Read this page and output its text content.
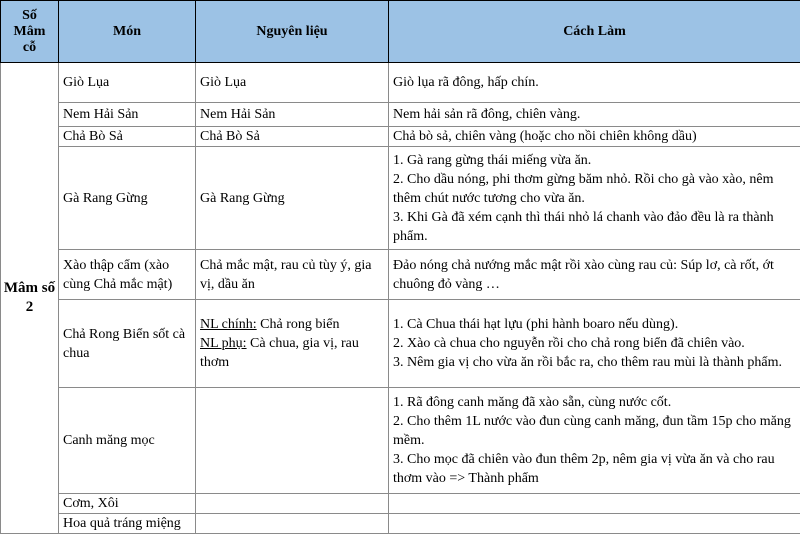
Số Mâm cỗ	Món	Nguyên liệu	Cách Làm
Mâm số 2	Giò Lụa	Giò Lụa	Giò lụa rã đông, hấp chín.
	Nem Hải Sản	Nem Hải Sản	Nem hải sản rã đông, chiên vàng.
	Chả Bò Sả	Chả Bò Sả	Chả bò sả, chiên vàng (hoặc cho nồi chiên không dầu)
	Gà Rang Gừng	Gà Rang Gừng	1. Gà rang gừng thái miếng vừa ăn.
2. Cho dầu nóng, phi thơm gừng băm nhỏ. Rồi cho gà vào xào, nêm thêm chút nước tương cho vừa ăn.
3. Khi Gà đã xém cạnh thì thái nhỏ lá chanh vào đảo đều là ra thành phẩm.

	Xào thập cẩm (xào cùng Chả mắc mật)	Chả mắc mật, rau củ tùy ý, gia vị, dầu ăn	Đảo nóng chả nướng mắc mật rồi xào cùng rau củ: Súp lơ, cà rốt, ớt chuông đỏ vàng …
	Chả Rong Biển sốt cà chua	NL chính: Chả rong biển
NL phụ: Cà chua, gia vị, rau thơm	1. Cà Chua thái hạt lựu (phi hành boaro nếu dùng).
2. Xào cà chua cho nguyễn rồi cho chả rong biển đã chiên vào.
3. Nêm gia vị cho vừa ăn rồi bắc ra, cho thêm rau mùi là thành phẩm.

	Canh măng mọc		1. Rã đông canh măng đã xào sẵn, cùng nước cốt.
2. Cho thêm 1L nước vào đun cùng canh măng, đun tầm 15p cho măng mềm.
3. Cho mọc đã chiên vào đun thêm 2p, nêm gia vị vừa ăn và cho rau thơm vào => Thành phẩm

	Cơm, Xôi		
	Hoa quả tráng miệng		
